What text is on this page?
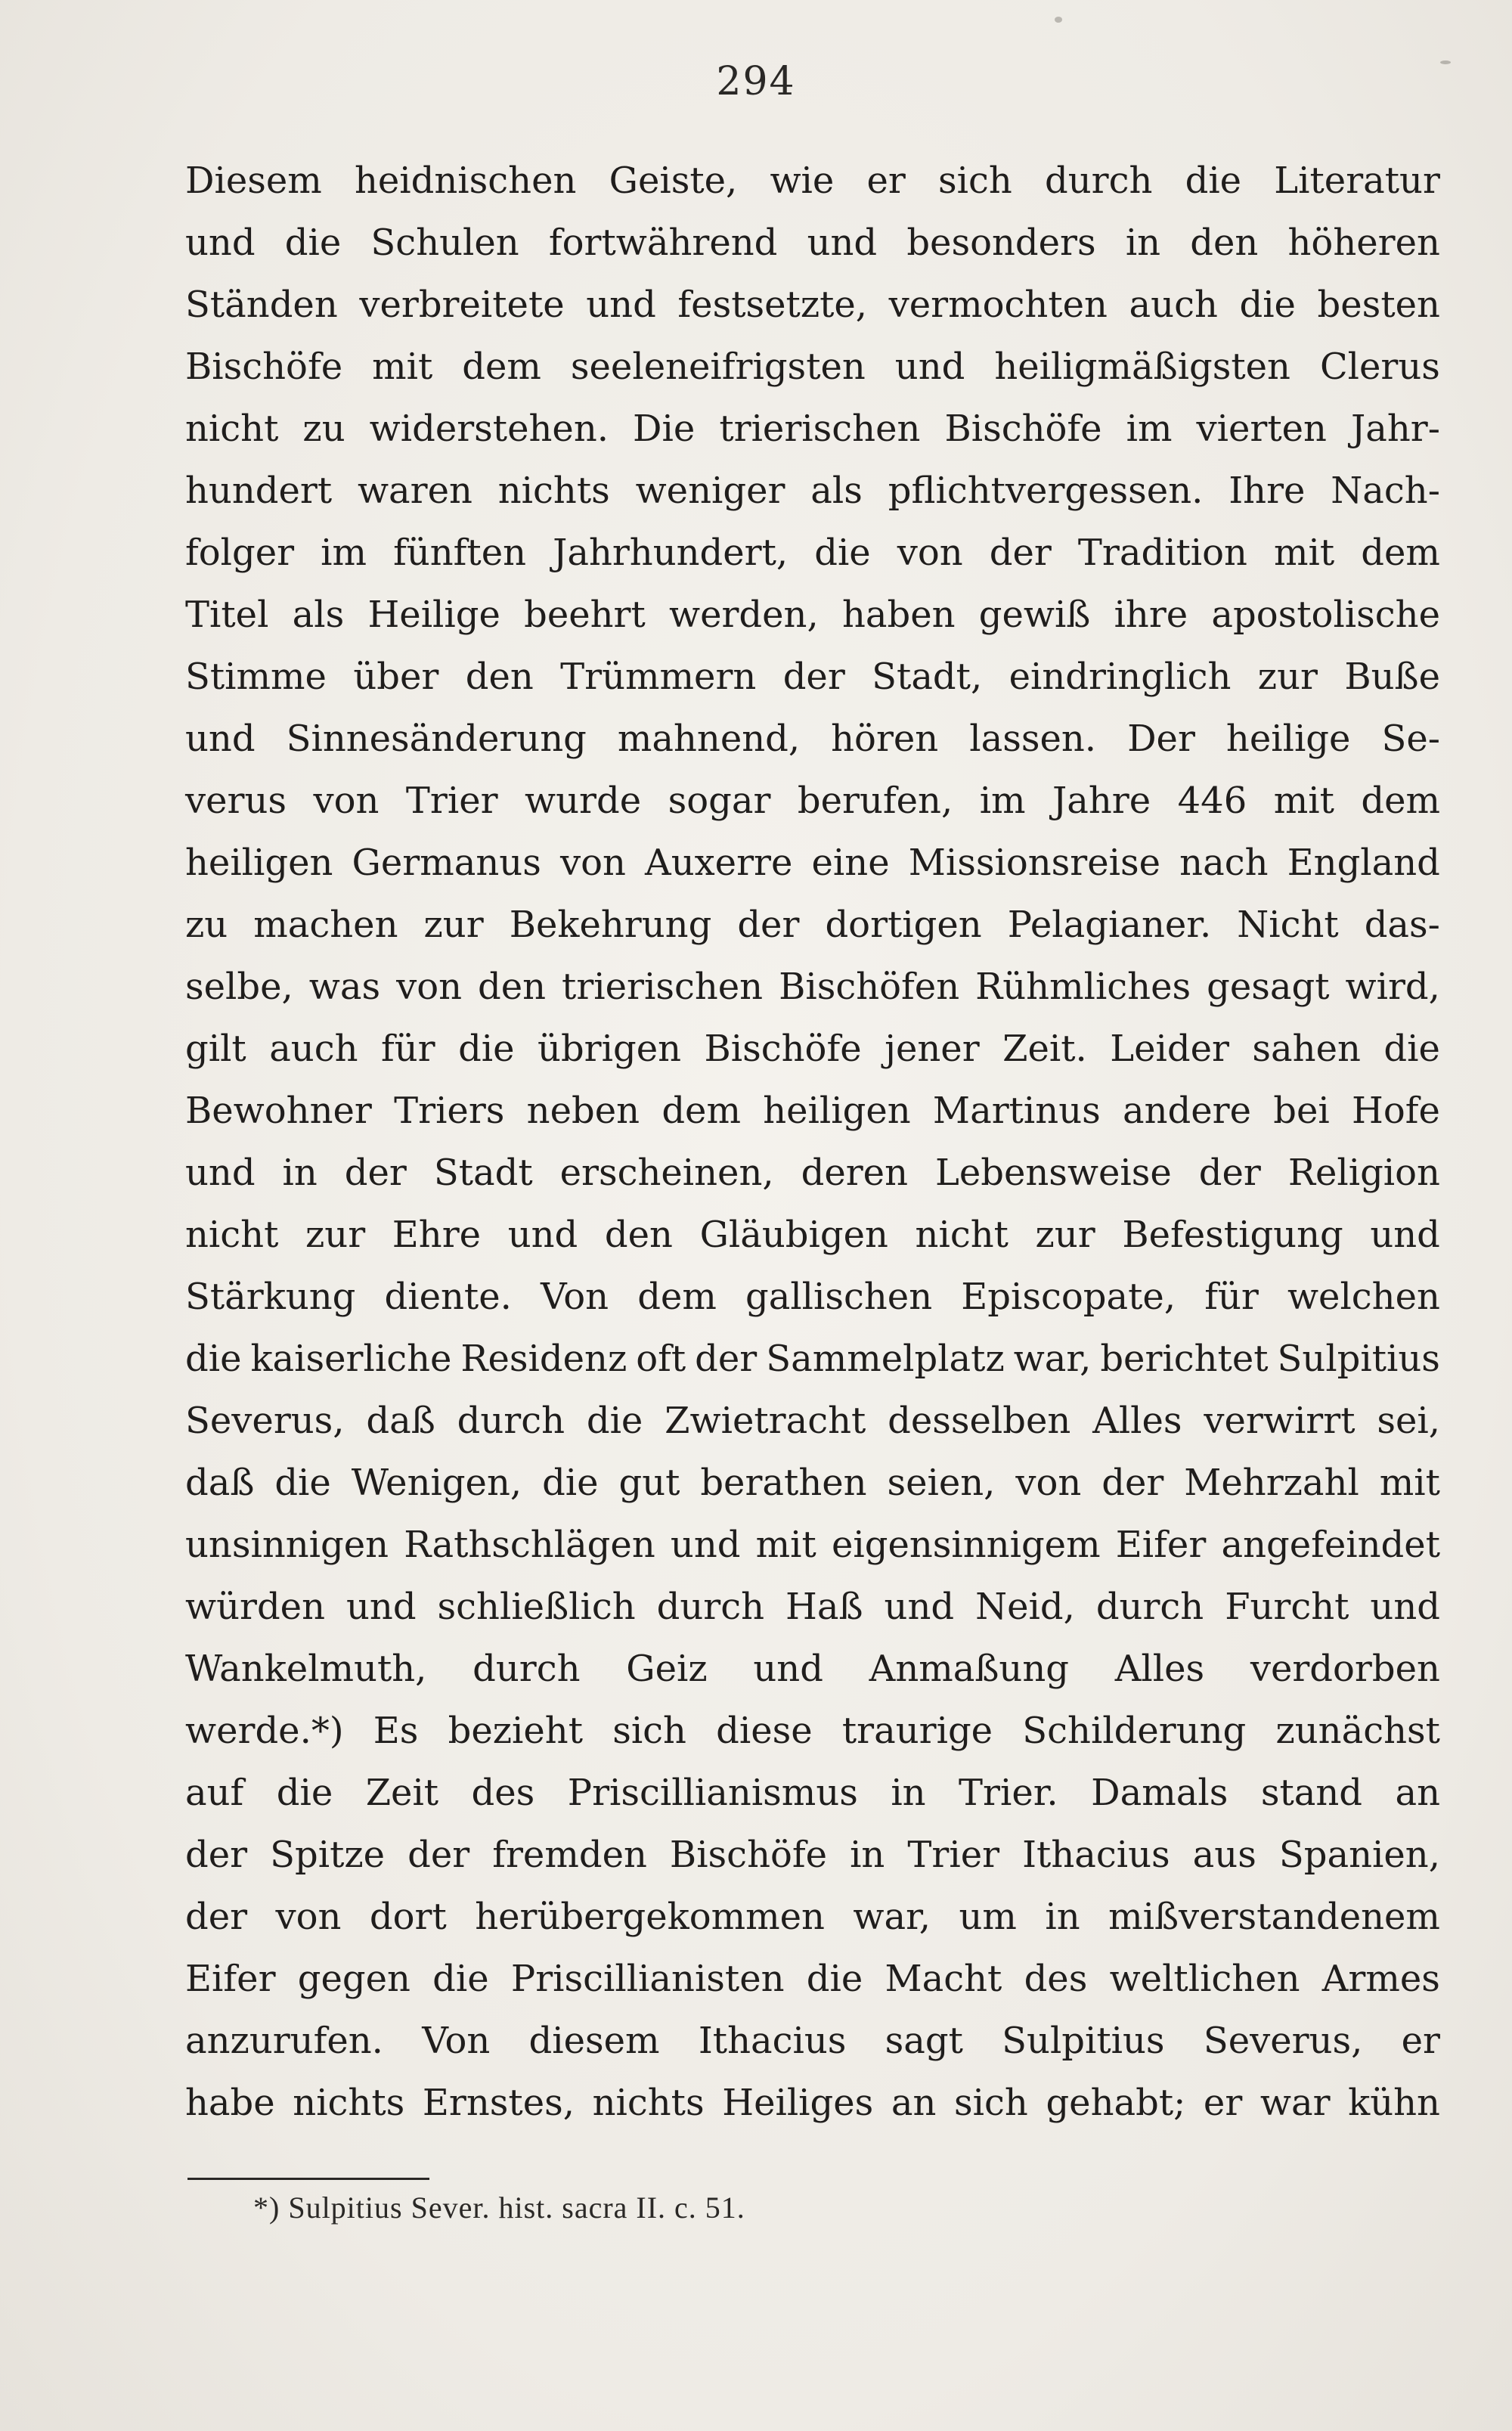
294
Diesem heidnischen Geiste, wie er sich durch die Literatur
und die Schulen fortwährend und besonders in den höheren
Ständen verbreitete und festsetzte, vermochten auch die besten
Bischöfe mit dem seeleneifrigsten und heiligmäßigsten Clerus
nicht zu widerstehen. Die trierischen Bischöfe im vierten Jahr-
hundert waren nichts weniger als pflichtvergessen. Ihre Nach-
folger im fünften Jahrhundert, die von der Tradition mit dem
Titel als Heilige beehrt werden, haben gewiß ihre apostolische
Stimme über den Trümmern der Stadt, eindringlich zur Buße
und Sinnesänderung mahnend, hören lassen. Der heilige Se-
verus von Trier wurde sogar berufen, im Jahre 446 mit dem
heiligen Germanus von Auxerre eine Missionsreise nach England
zu machen zur Bekehrung der dortigen Pelagianer. Nicht das-
selbe, was von den trierischen Bischöfen Rühmliches gesagt wird,
gilt auch für die übrigen Bischöfe jener Zeit. Leider sahen die
Bewohner Triers neben dem heiligen Martinus andere bei Hofe
und in der Stadt erscheinen, deren Lebensweise der Religion
nicht zur Ehre und den Gläubigen nicht zur Befestigung und
Stärkung diente. Von dem gallischen Episcopate, für welchen
die kaiserliche Residenz oft der Sammelplatz war, berichtet Sulpitius
Severus, daß durch die Zwietracht desselben Alles verwirrt sei,
daß die Wenigen, die gut berathen seien, von der Mehrzahl mit
unsinnigen Rathschlägen und mit eigensinnigem Eifer angefeindet
würden und schließlich durch Haß und Neid, durch Furcht und
Wankelmuth, durch Geiz und Anmaßung Alles verdorben
werde.*) Es bezieht sich diese traurige Schilderung zunächst
auf die Zeit des Priscillianismus in Trier. Damals stand an
der Spitze der fremden Bischöfe in Trier Ithacius aus Spanien,
der von dort herübergekommen war, um in mißverstandenem
Eifer gegen die Priscillianisten die Macht des weltlichen Armes
anzurufen. Von diesem Ithacius sagt Sulpitius Severus, er
habe nichts Ernstes, nichts Heiliges an sich gehabt; er war kühn
*) Sulpitius Sever. hist. sacra II. c. 51.
